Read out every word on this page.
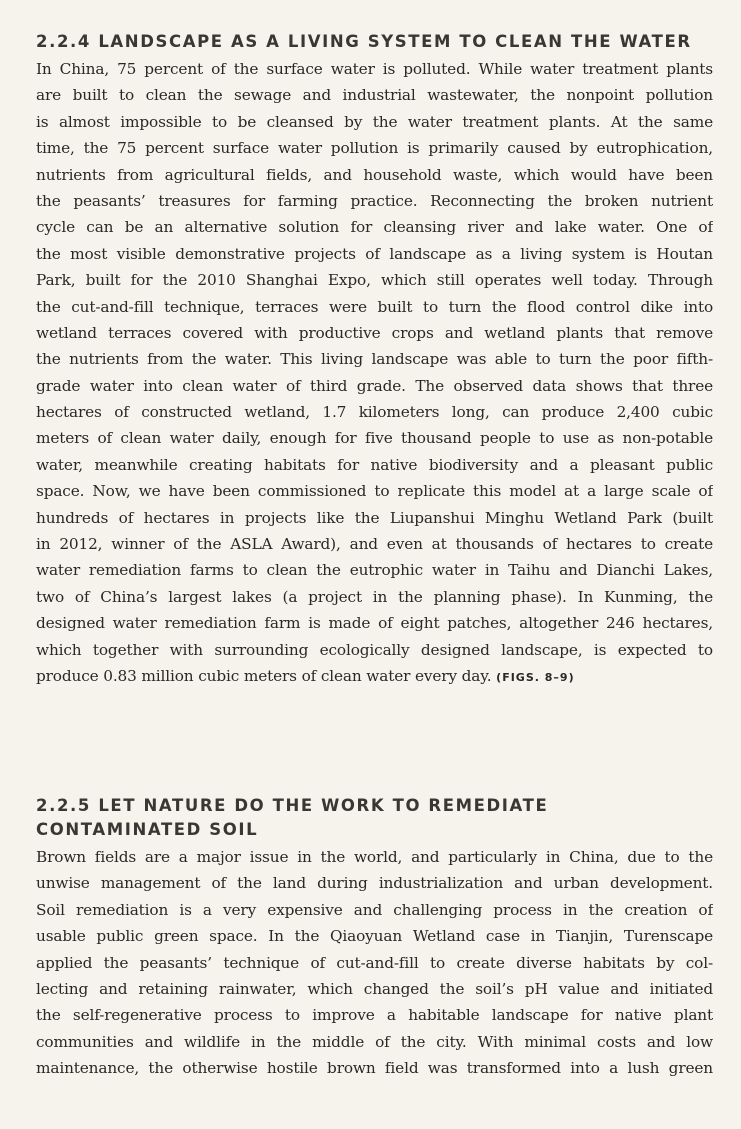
2.2.4 LANDSCAPE AS A LIVING SYSTEM TO CLEAN THE WATER
In China, 75 percent of the surface water is polluted. While water treatment plants
are built to clean the sewage and industrial wastewater, the nonpoint pollution
is almost impossible to be cleansed by the water treatment plants. At the same
time, the 75 percent surface water pollution is primarily caused by eutrophication,
nutrients from agricultural fields, and household waste, which would have been
the peasants’ treasures for farming practice. Reconnecting the broken nutrient
cycle can be an alternative solution for cleansing river and lake water. One of
the most visible demonstrative projects of landscape as a living system is Houtan
Park, built for the 2010 Shanghai Expo, which still operates well today. Through
the cut-and-fill technique, terraces were built to turn the flood control dike into
wetland terraces covered with productive crops and wetland plants that remove
the nutrients from the water. This living landscape was able to turn the poor fifth-
grade water into clean water of third grade. The observed data shows that three
hectares of constructed wetland, 1.7 kilometers long, can produce 2,400 cubic
meters of clean water daily, enough for five thousand people to use as non-potable
water, meanwhile creating habitats for native biodiversity and a pleasant public
space. Now, we have been commissioned to replicate this model at a large scale of
hundreds of hectares in projects like the Liupanshui Minghu Wetland Park (built
in 2012, winner of the ASLA Award), and even at thousands of hectares to create
water remediation farms to clean the eutrophic water in Taihu and Dianchi Lakes,
two of China’s largest lakes (a project in the planning phase). In Kunming, the
designed water remediation farm is made of eight patches, altogether 246 hectares,
which together with surrounding ecologically designed landscape, is expected to
produce 0.83 million cubic meters of clean water every day. (FIGS. 8–9)
2.2.5 LET NATURE DO THE WORK TO REMEDIATE
CONTAMINATED SOIL
Brown fields are a major issue in the world, and particularly in China, due to the
unwise management of the land during industrialization and urban development.
Soil remediation is a very expensive and challenging process in the creation of
usable public green space. In the Qiaoyuan Wetland case in Tianjin, Turenscape
applied the peasants’ technique of cut-and-fill to create diverse habitats by col-
lecting and retaining rainwater, which changed the soil’s pH value and initiated
the self-regenerative process to improve a habitable landscape for native plant
communities and wildlife in the middle of the city. With minimal costs and low
maintenance, the otherwise hostile brown field was transformed into a lush green
